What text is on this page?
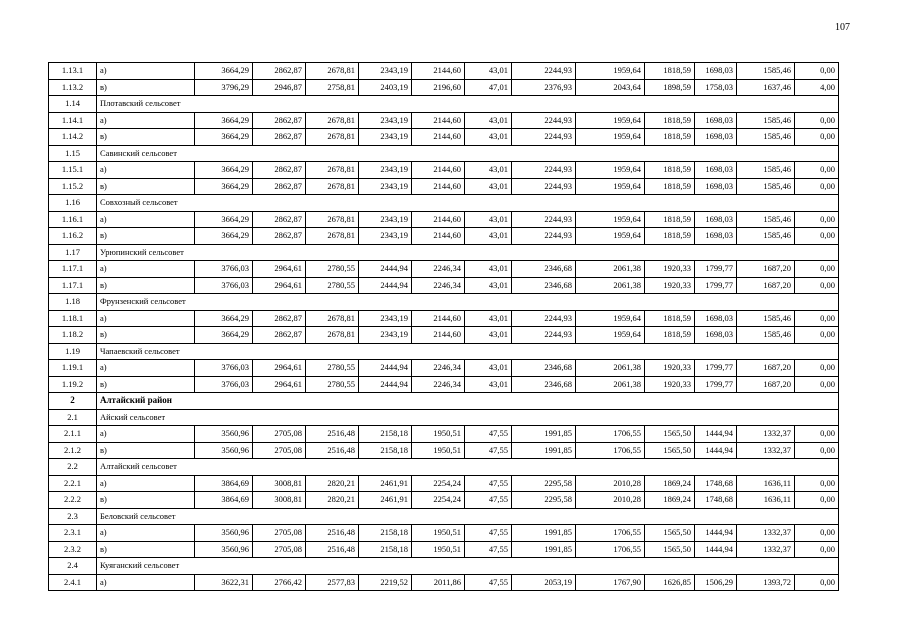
107
1.13.1	а)	3664,29	2862,87	2678,81	2343,19	2144,60	43,01	2244,93	1959,64	1818,59	1698,03	1585,46	0,00
1.13.2	в)	3796,29	2946,87	2758,81	2403,19	2196,60	47,01	2376,93	2043,64	1898,59	1758,03	1637,46	4,00
1.14	Плотавский сельсовет												
1.14.1	а)	3664,29	2862,87	2678,81	2343,19	2144,60	43,01	2244,93	1959,64	1818,59	1698,03	1585,46	0,00
1.14.2	в)	3664,29	2862,87	2678,81	2343,19	2144,60	43,01	2244,93	1959,64	1818,59	1698,03	1585,46	0,00
1.15	Савинский сельсовет												
1.15.1	а)	3664,29	2862,87	2678,81	2343,19	2144,60	43,01	2244,93	1959,64	1818,59	1698,03	1585,46	0,00
1.15.2	в)	3664,29	2862,87	2678,81	2343,19	2144,60	43,01	2244,93	1959,64	1818,59	1698,03	1585,46	0,00
1.16	Совхозный сельсовет												
1.16.1	а)	3664,29	2862,87	2678,81	2343,19	2144,60	43,01	2244,93	1959,64	1818,59	1698,03	1585,46	0,00
1.16.2	в)	3664,29	2862,87	2678,81	2343,19	2144,60	43,01	2244,93	1959,64	1818,59	1698,03	1585,46	0,00
1.17	Урюпинский сельсовет												
1.17.1	а)	3766,03	2964,61	2780,55	2444,94	2246,34	43,01	2346,68	2061,38	1920,33	1799,77	1687,20	0,00
1.17.1	в)	3766,03	2964,61	2780,55	2444,94	2246,34	43,01	2346,68	2061,38	1920,33	1799,77	1687,20	0,00
1.18	Фрунзенский сельсовет												
1.18.1	а)	3664,29	2862,87	2678,81	2343,19	2144,60	43,01	2244,93	1959,64	1818,59	1698,03	1585,46	0,00
1.18.2	в)	3664,29	2862,87	2678,81	2343,19	2144,60	43,01	2244,93	1959,64	1818,59	1698,03	1585,46	0,00
1.19	Чапаевский сельсовет												
1.19.1	а)	3766,03	2964,61	2780,55	2444,94	2246,34	43,01	2346,68	2061,38	1920,33	1799,77	1687,20	0,00
1.19.2	в)	3766,03	2964,61	2780,55	2444,94	2246,34	43,01	2346,68	2061,38	1920,33	1799,77	1687,20	0,00
2	Алтайский район												
2.1	Айский сельсовет												
2.1.1	а)	3560,96	2705,08	2516,48	2158,18	1950,51	47,55	1991,85	1706,55	1565,50	1444,94	1332,37	0,00
2.1.2	в)	3560,96	2705,08	2516,48	2158,18	1950,51	47,55	1991,85	1706,55	1565,50	1444,94	1332,37	0,00
2.2	Алтайский сельсовет												
2.2.1	а)	3864,69	3008,81	2820,21	2461,91	2254,24	47,55	2295,58	2010,28	1869,24	1748,68	1636,11	0,00
2.2.2	в)	3864,69	3008,81	2820,21	2461,91	2254,24	47,55	2295,58	2010,28	1869,24	1748,68	1636,11	0,00
2.3	Беловский сельсовет												
2.3.1	а)	3560,96	2705,08	2516,48	2158,18	1950,51	47,55	1991,85	1706,55	1565,50	1444,94	1332,37	0,00
2.3.2	в)	3560,96	2705,08	2516,48	2158,18	1950,51	47,55	1991,85	1706,55	1565,50	1444,94	1332,37	0,00
2.4	Куяганский сельсовет												
2.4.1	а)	3622,31	2766,42	2577,83	2219,52	2011,86	47,55	2053,19	1767,90	1626,85	1506,29	1393,72	0,00
